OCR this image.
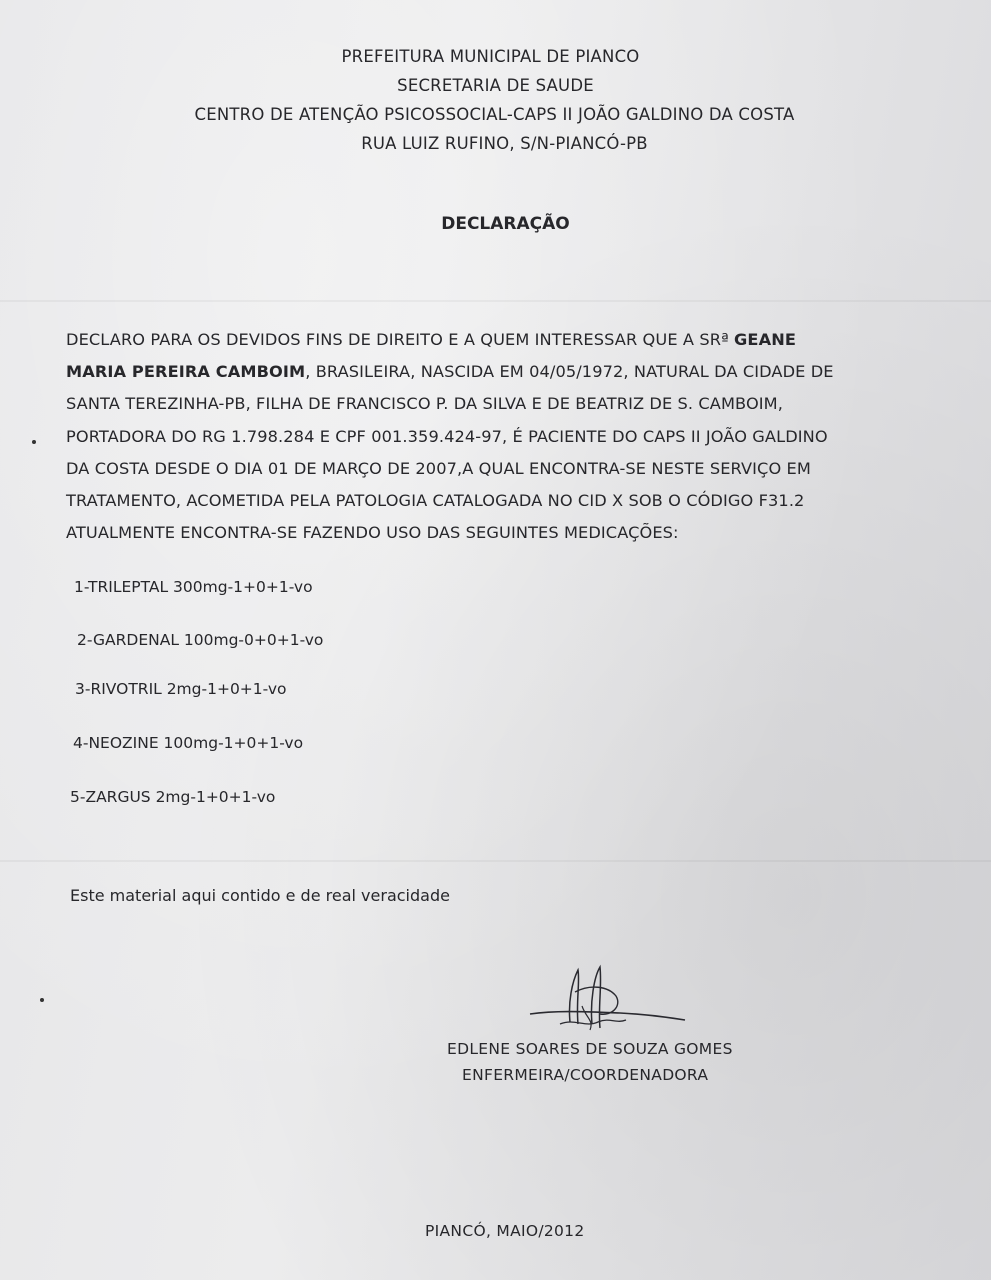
PREFEITURA MUNICIPAL DE PIANCO
SECRETARIA DE SAUDE
CENTRO DE ATENÇÃO PSICOSSOCIAL-CAPS II JOÃO GALDINO DA COSTA
RUA LUIZ RUFINO, S/N-PIANCÓ-PB
DECLARAÇÃO
DECLARO PARA OS DEVIDOS FINS DE DIREITO E A QUEM INTERESSAR QUE A SRª GEANE
MARIA PEREIRA CAMBOIM, BRASILEIRA, NASCIDA EM 04/05/1972, NATURAL DA CIDADE DE
SANTA TEREZINHA-PB, FILHA DE FRANCISCO P. DA SILVA E DE BEATRIZ DE S. CAMBOIM,
PORTADORA DO RG 1.798.284 E CPF 001.359.424-97, É PACIENTE DO CAPS II JOÃO GALDINO
DA COSTA DESDE O DIA 01 DE MARÇO DE 2007,A QUAL ENCONTRA-SE NESTE SERVIÇO EM
TRATAMENTO, ACOMETIDA PELA PATOLOGIA CATALOGADA NO CID X SOB O CÓDIGO F31.2
ATUALMENTE ENCONTRA-SE FAZENDO USO DAS SEGUINTES MEDICAÇÕES:
1-TRILEPTAL 300mg-1+0+1-vo
2-GARDENAL 100mg-0+0+1-vo
3-RIVOTRIL 2mg-1+0+1-vo
4-NEOZINE 100mg-1+0+1-vo
5-ZARGUS 2mg-1+0+1-vo
Este material aqui contido e de real veracidade
EDLENE SOARES DE SOUZA GOMES
ENFERMEIRA/COORDENADORA
PIANCÓ, MAIO/2012
